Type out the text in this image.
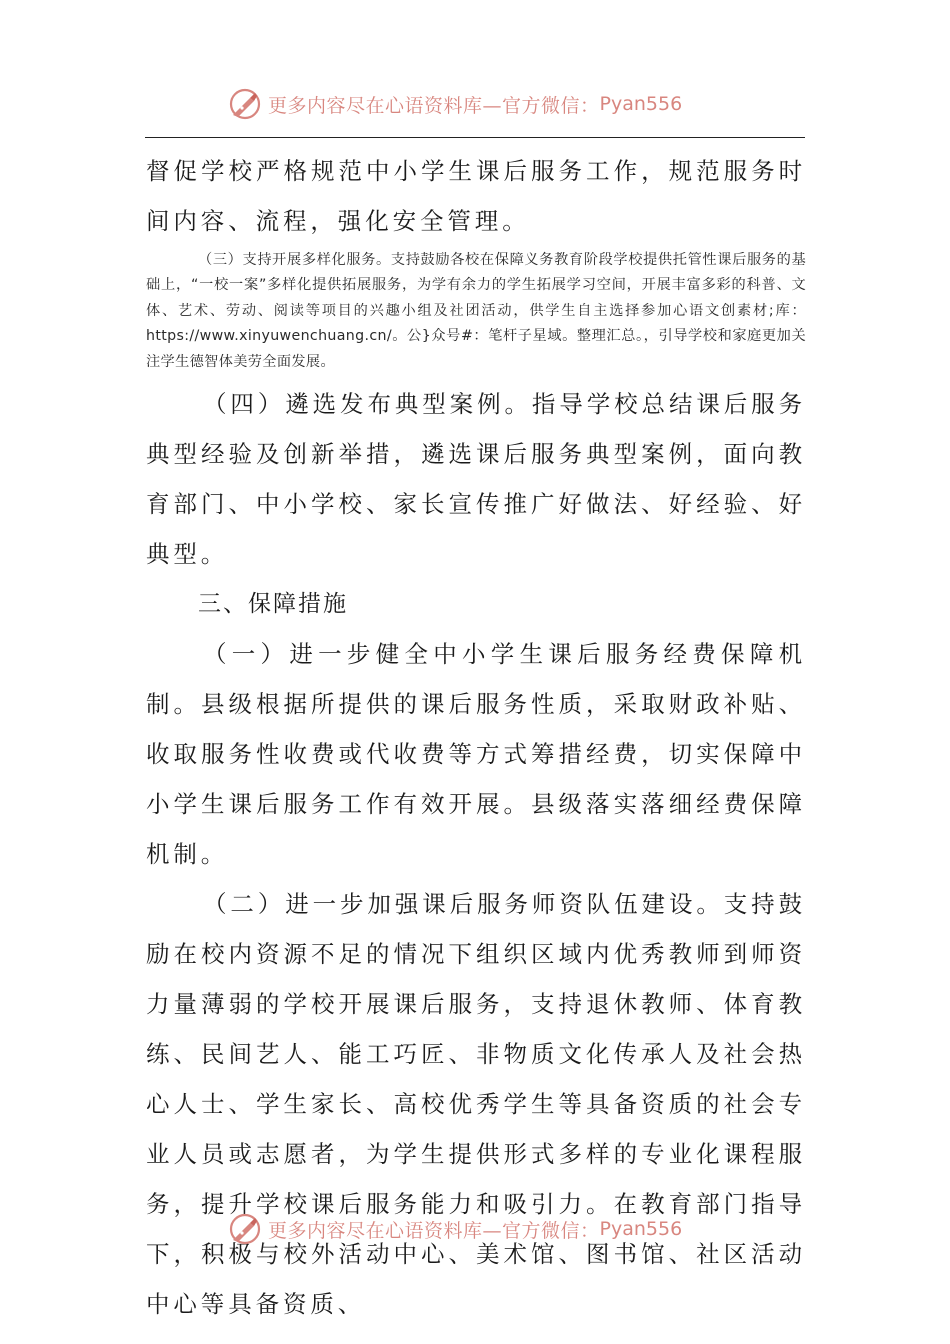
更多内容尽在心语资料库—官方微信： Pyan556

督促学校严格规范中小学生课后服务工作，规范服务时间内容、流程，强化安全管理。

（三）支持开展多样化服务。支持鼓励各校在保障义务教育阶段学校提供托管性课后服务的基础上，“一校一案”多样化提供拓展服务，为学有余力的学生拓展学习空间，开展丰富多彩的科普、文体、艺术、劳动、阅读等项目的兴趣小组及社团活动，供学生自主选择参加心语文创素材;库：https://www.xinyuwenchuang.cn/。公}众号#：笔杆子星域。整理汇总。，引导学校和家庭更加关注学生德智体美劳全面发展。

（四）遴选发布典型案例。指导学校总结课后服务典型经验及创新举措，遴选课后服务典型案例，面向教育部门、中小学校、家长宣传推广好做法、好经验、好典型。

三、保障措施

（一）进一步健全中小学生课后服务经费保障机制。县级根据所提供的课后服务性质，采取财政补贴、收取服务性收费或代收费等方式筹措经费，切实保障中小学生课后服务工作有效开展。县级落实落细经费保障机制。

（二）进一步加强课后服务师资队伍建设。支持鼓励在校内资源不足的情况下组织区域内优秀教师到师资力量薄弱的学校开展课后服务，支持退休教师、体育教练、民间艺人、能工巧匠、非物质文化传承人及社会热心人士、学生家长、高校优秀学生等具备资质的社会专业人员或志愿者，为学生提供形式多样的专业化课程服务，提升学校课后服务能力和吸引力。在教育部门指导下，积极与校外活动中心、美术馆、图书馆、社区活动中心等具备资质、

更多内容尽在心语资料库—官方微信： Pyan556
